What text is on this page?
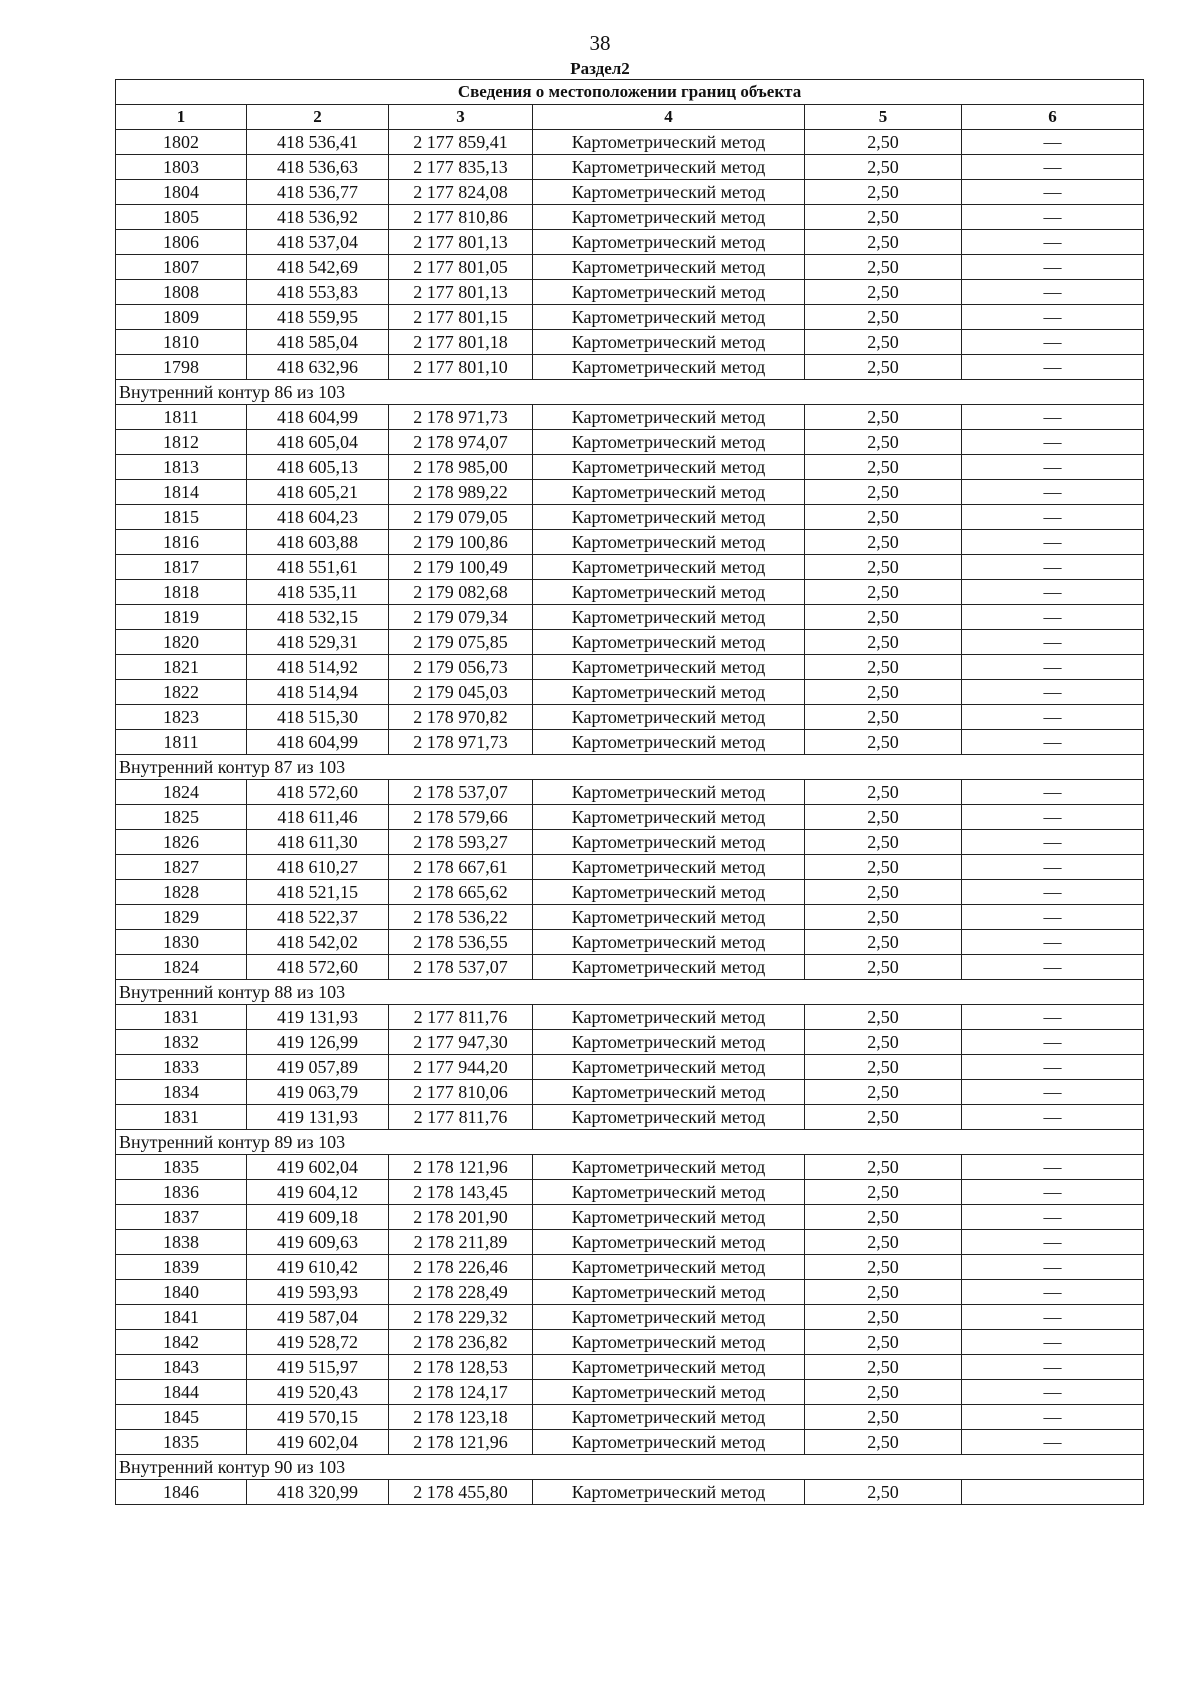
38
Раздел2
Сведения о местоположении границ объекта					
1	2	3	4	5	6
1802	418 536,41	2 177 859,41	Картометрический метод	2,50	—
1803	418 536,63	2 177 835,13	Картометрический метод	2,50	—
1804	418 536,77	2 177 824,08	Картометрический метод	2,50	—
1805	418 536,92	2 177 810,86	Картометрический метод	2,50	—
1806	418 537,04	2 177 801,13	Картометрический метод	2,50	—
1807	418 542,69	2 177 801,05	Картометрический метод	2,50	—
1808	418 553,83	2 177 801,13	Картометрический метод	2,50	—
1809	418 559,95	2 177 801,15	Картометрический метод	2,50	—
1810	418 585,04	2 177 801,18	Картометрический метод	2,50	—
1798	418 632,96	2 177 801,10	Картометрический метод	2,50	—
Внутренний контур 86 из 103					
1811	418 604,99	2 178 971,73	Картометрический метод	2,50	—
1812	418 605,04	2 178 974,07	Картометрический метод	2,50	—
1813	418 605,13	2 178 985,00	Картометрический метод	2,50	—
1814	418 605,21	2 178 989,22	Картометрический метод	2,50	—
1815	418 604,23	2 179 079,05	Картометрический метод	2,50	—
1816	418 603,88	2 179 100,86	Картометрический метод	2,50	—
1817	418 551,61	2 179 100,49	Картометрический метод	2,50	—
1818	418 535,11	2 179 082,68	Картометрический метод	2,50	—
1819	418 532,15	2 179 079,34	Картометрический метод	2,50	—
1820	418 529,31	2 179 075,85	Картометрический метод	2,50	—
1821	418 514,92	2 179 056,73	Картометрический метод	2,50	—
1822	418 514,94	2 179 045,03	Картометрический метод	2,50	—
1823	418 515,30	2 178 970,82	Картометрический метод	2,50	—
1811	418 604,99	2 178 971,73	Картометрический метод	2,50	—
Внутренний контур 87 из 103					
1824	418 572,60	2 178 537,07	Картометрический метод	2,50	—
1825	418 611,46	2 178 579,66	Картометрический метод	2,50	—
1826	418 611,30	2 178 593,27	Картометрический метод	2,50	—
1827	418 610,27	2 178 667,61	Картометрический метод	2,50	—
1828	418 521,15	2 178 665,62	Картометрический метод	2,50	—
1829	418 522,37	2 178 536,22	Картометрический метод	2,50	—
1830	418 542,02	2 178 536,55	Картометрический метод	2,50	—
1824	418 572,60	2 178 537,07	Картометрический метод	2,50	—
Внутренний контур 88 из 103					
1831	419 131,93	2 177 811,76	Картометрический метод	2,50	—
1832	419 126,99	2 177 947,30	Картометрический метод	2,50	—
1833	419 057,89	2 177 944,20	Картометрический метод	2,50	—
1834	419 063,79	2 177 810,06	Картометрический метод	2,50	—
1831	419 131,93	2 177 811,76	Картометрический метод	2,50	—
Внутренний контур 89 из 103					
1835	419 602,04	2 178 121,96	Картометрический метод	2,50	—
1836	419 604,12	2 178 143,45	Картометрический метод	2,50	—
1837	419 609,18	2 178 201,90	Картометрический метод	2,50	—
1838	419 609,63	2 178 211,89	Картометрический метод	2,50	—
1839	419 610,42	2 178 226,46	Картометрический метод	2,50	—
1840	419 593,93	2 178 228,49	Картометрический метод	2,50	—
1841	419 587,04	2 178 229,32	Картометрический метод	2,50	—
1842	419 528,72	2 178 236,82	Картометрический метод	2,50	—
1843	419 515,97	2 178 128,53	Картометрический метод	2,50	—
1844	419 520,43	2 178 124,17	Картометрический метод	2,50	—
1845	419 570,15	2 178 123,18	Картометрический метод	2,50	—
1835	419 602,04	2 178 121,96	Картометрический метод	2,50	—
Внутренний контур 90 из 103					
1846	418 320,99	2 178 455,80	Картометрический метод	2,50	
